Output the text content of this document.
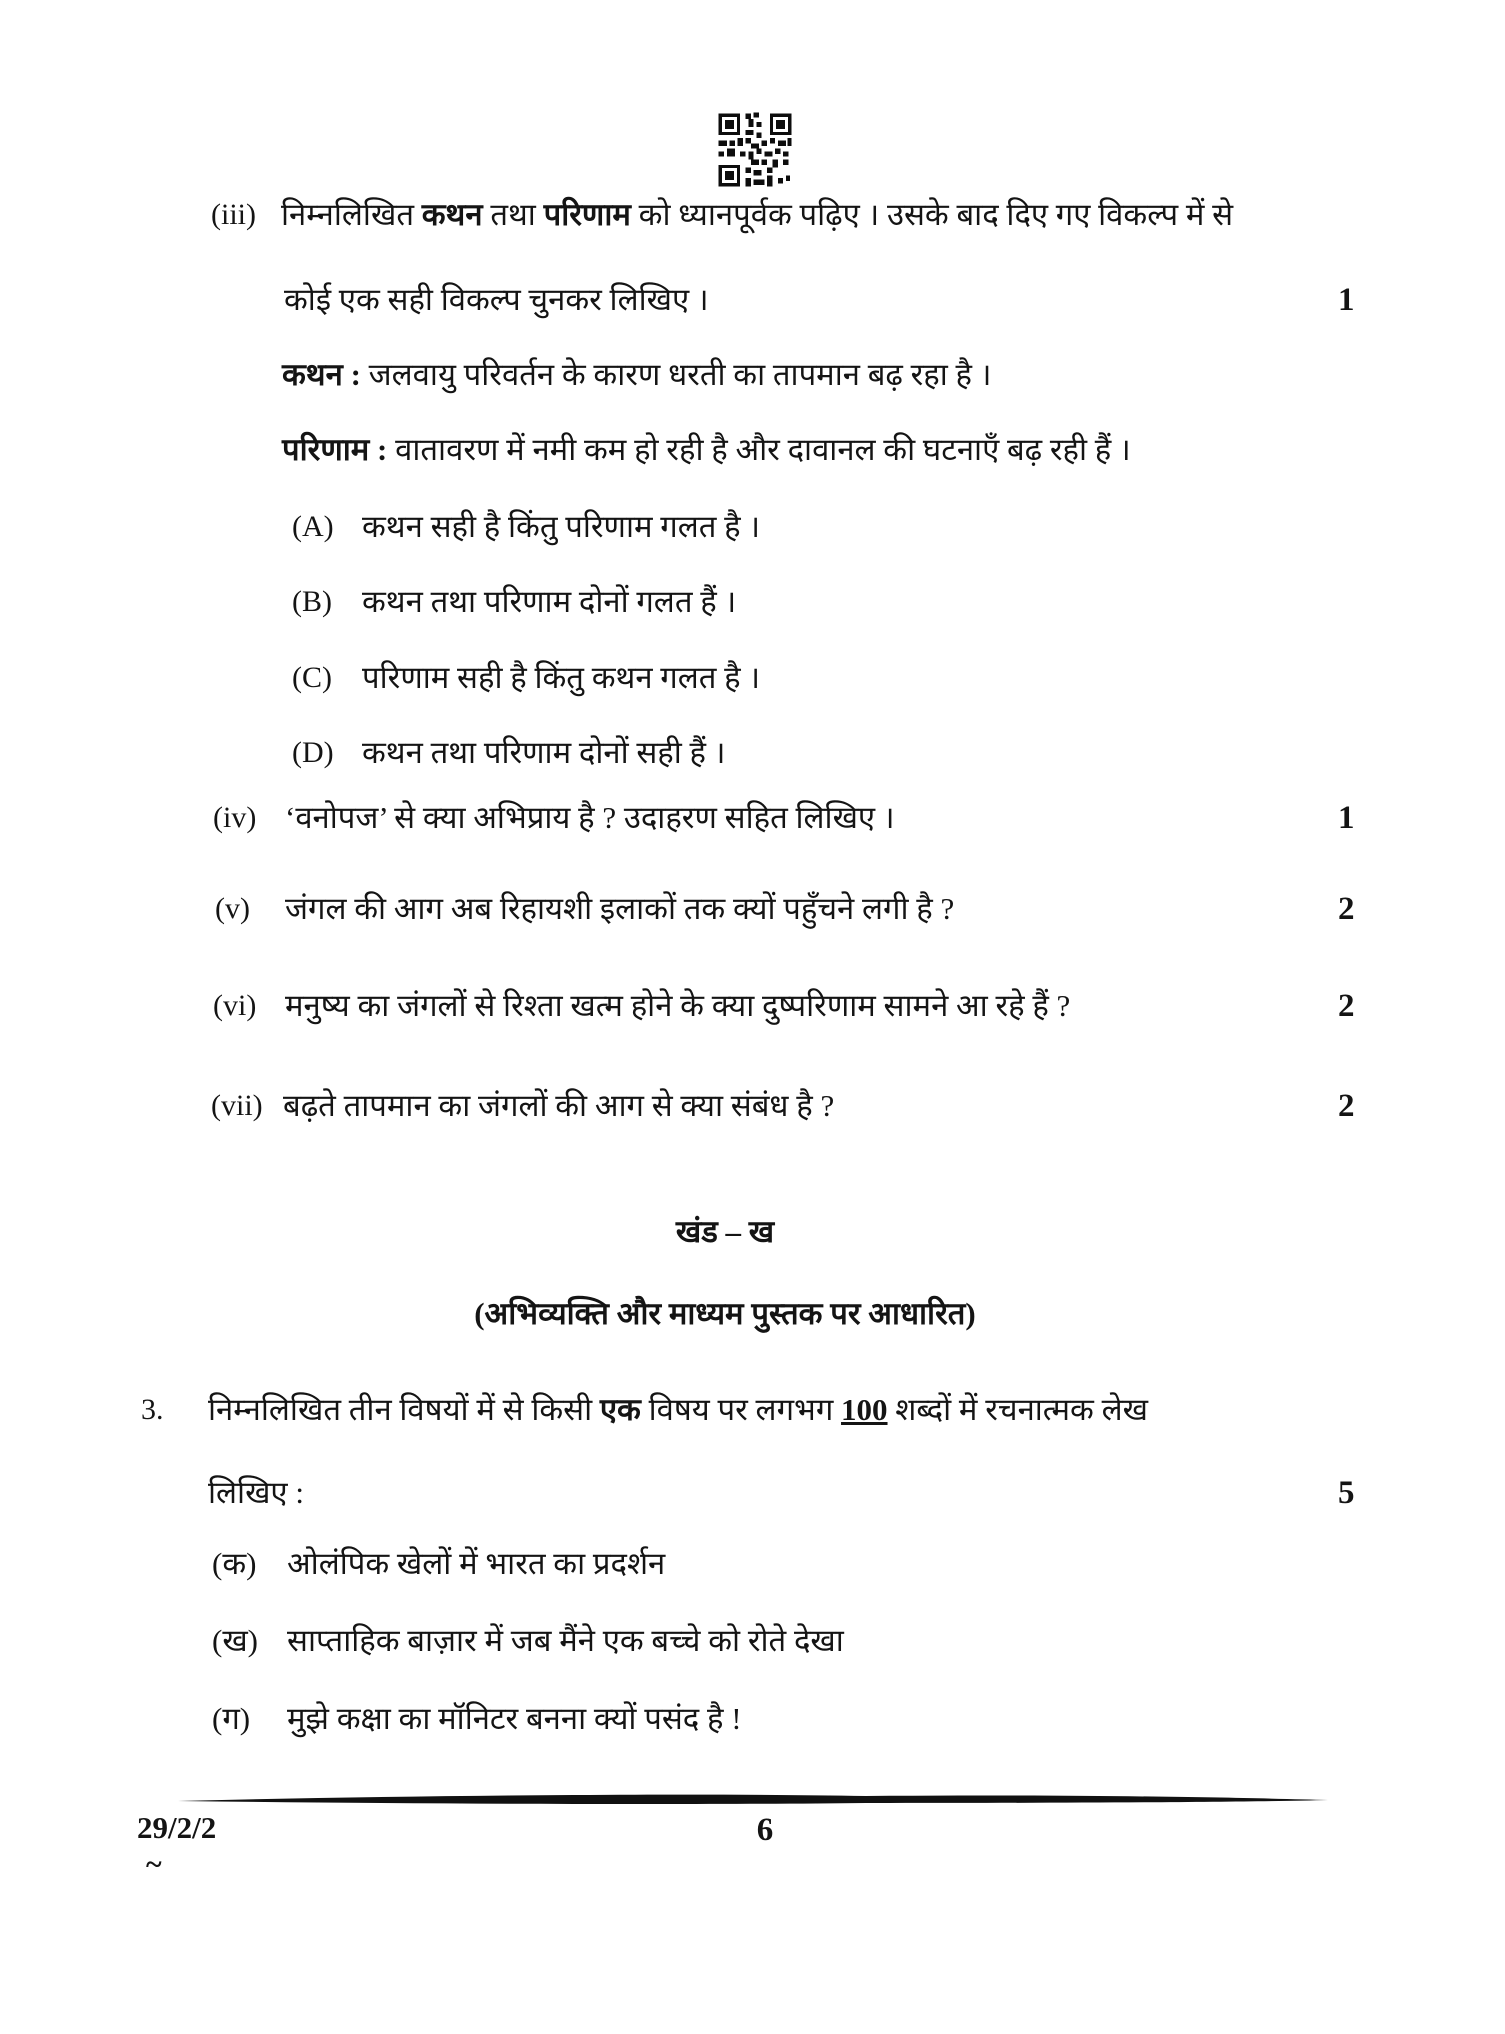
(iii) निम्नलिखित कथन तथा परिणाम को ध्यानपूर्वक पढ़िए । उसके बाद दिए गए विकल्प में से
कोई एक सही विकल्प चुनकर लिखिए ।	1
कथन : जलवायु परिवर्तन के कारण धरती का तापमान बढ़ रहा है ।
परिणाम : वातावरण में नमी कम हो रही है और दावानल की घटनाएँ बढ़ रही हैं ।
(A) कथन सही है किंतु परिणाम गलत है ।
(B) कथन तथा परिणाम दोनों गलत हैं ।
(C) परिणाम सही है किंतु कथन गलत है ।
(D) कथन तथा परिणाम दोनों सही हैं ।
(iv) ‘वनोपज’ से क्या अभिप्राय है ? उदाहरण सहित लिखिए ।	1
(v) जंगल की आग अब रिहायशी इलाकों तक क्यों पहुँचने लगी है ?	2
(vi) मनुष्य का जंगलों से रिश्ता खत्म होने के क्या दुष्परिणाम सामने आ रहे हैं ?	2
(vii) बढ़ते तापमान का जंगलों की आग से क्या संबंध है ?	2
खंड – ख
(अभिव्यक्ति और माध्यम पुस्तक पर आधारित)
3. निम्नलिखित तीन विषयों में से किसी एक विषय पर लगभग 100 शब्दों में रचनात्मक लेख
लिखिए :	5
(क) ओलंपिक खेलों में भारत का प्रदर्शन
(ख) साप्ताहिक बाज़ार में जब मैंने एक बच्चे को रोते देखा
(ग) मुझे कक्षा का मॉनिटर बनना क्यों पसंद है !
29/2/2	6
~
